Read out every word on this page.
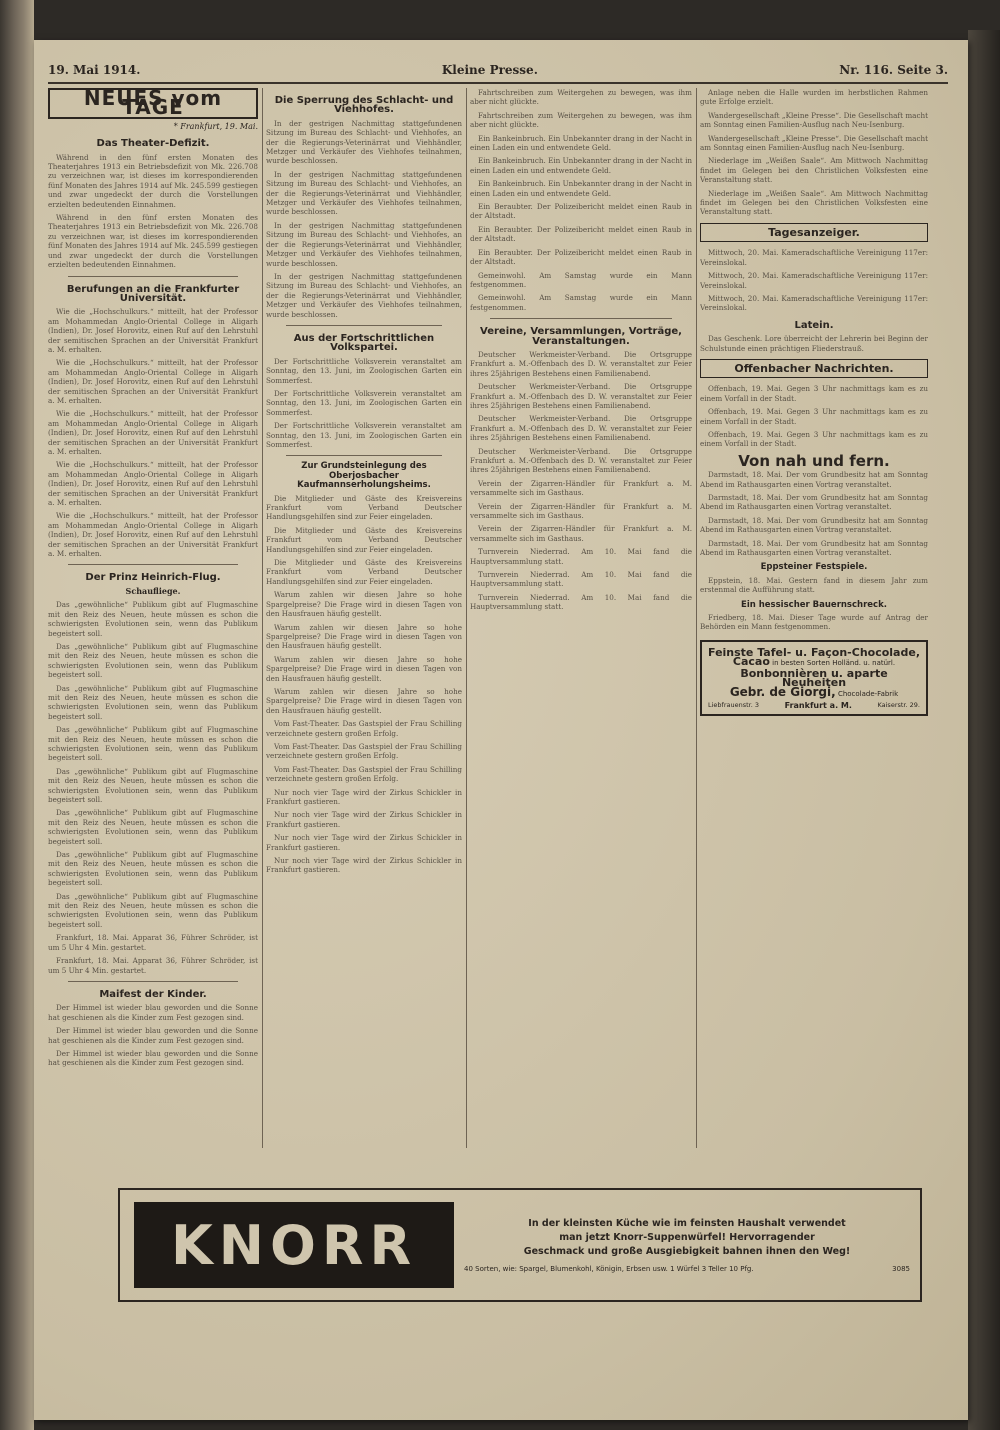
19. Mai 1914.	Kleine Presse.	Nr. 116. Seite 3.
NEUES vom TAGE
* Frankfurt, 19. Mai.
Das Theater-Defizit.

Während in den fünf ersten Monaten des Theaterjahres 1913 ein Betriebsdefizit von Mk. 226.708 zu verzeichnen war, ist dieses im korrespondierenden fünf Monaten des Jahres 1914 auf Mk. 245.599 gestiegen und zwar ungedeckt der durch die Vorstellungen erzielten bedeutenden Einnahmen.

Während in den fünf ersten Monaten des Theaterjahres 1913 ein Betriebsdefizit von Mk. 226.708 zu verzeichnen war, ist dieses im korrespondierenden fünf Monaten des Jahres 1914 auf Mk. 245.599 gestiegen und zwar ungedeckt der durch die Vorstellungen erzielten bedeutenden Einnahmen.

Berufungen an die Frankfurter Universität.

Wie die „Hochschulkurs.“ mitteilt, hat der Professor am Mohammedan Anglo-Oriental College in Aligarh (Indien), Dr. Josef Horovitz, einen Ruf auf den Lehrstuhl der semitischen Sprachen an der Universität Frankfurt a. M. erhalten.

Wie die „Hochschulkurs.“ mitteilt, hat der Professor am Mohammedan Anglo-Oriental College in Aligarh (Indien), Dr. Josef Horovitz, einen Ruf auf den Lehrstuhl der semitischen Sprachen an der Universität Frankfurt a. M. erhalten.

Wie die „Hochschulkurs.“ mitteilt, hat der Professor am Mohammedan Anglo-Oriental College in Aligarh (Indien), Dr. Josef Horovitz, einen Ruf auf den Lehrstuhl der semitischen Sprachen an der Universität Frankfurt a. M. erhalten.

Wie die „Hochschulkurs.“ mitteilt, hat der Professor am Mohammedan Anglo-Oriental College in Aligarh (Indien), Dr. Josef Horovitz, einen Ruf auf den Lehrstuhl der semitischen Sprachen an der Universität Frankfurt a. M. erhalten.

Wie die „Hochschulkurs.“ mitteilt, hat der Professor am Mohammedan Anglo-Oriental College in Aligarh (Indien), Dr. Josef Horovitz, einen Ruf auf den Lehrstuhl der semitischen Sprachen an der Universität Frankfurt a. M. erhalten.

Der Prinz Heinrich-Flug.
Schaufliege.

Das „gewöhnliche“ Publikum gibt auf Flugmaschine mit den Reiz des Neuen, heute müssen es schon die schwierigsten Evolutionen sein, wenn das Publikum begeistert soll.

Das „gewöhnliche“ Publikum gibt auf Flugmaschine mit den Reiz des Neuen, heute müssen es schon die schwierigsten Evolutionen sein, wenn das Publikum begeistert soll.

Das „gewöhnliche“ Publikum gibt auf Flugmaschine mit den Reiz des Neuen, heute müssen es schon die schwierigsten Evolutionen sein, wenn das Publikum begeistert soll.

Das „gewöhnliche“ Publikum gibt auf Flugmaschine mit den Reiz des Neuen, heute müssen es schon die schwierigsten Evolutionen sein, wenn das Publikum begeistert soll.

Das „gewöhnliche“ Publikum gibt auf Flugmaschine mit den Reiz des Neuen, heute müssen es schon die schwierigsten Evolutionen sein, wenn das Publikum begeistert soll.

Das „gewöhnliche“ Publikum gibt auf Flugmaschine mit den Reiz des Neuen, heute müssen es schon die schwierigsten Evolutionen sein, wenn das Publikum begeistert soll.

Das „gewöhnliche“ Publikum gibt auf Flugmaschine mit den Reiz des Neuen, heute müssen es schon die schwierigsten Evolutionen sein, wenn das Publikum begeistert soll.

Das „gewöhnliche“ Publikum gibt auf Flugmaschine mit den Reiz des Neuen, heute müssen es schon die schwierigsten Evolutionen sein, wenn das Publikum begeistert soll.

Frankfurt, 18. Mai. Apparat 36, Führer Schröder, ist um 5 Uhr 4 Min. gestartet.

Frankfurt, 18. Mai. Apparat 36, Führer Schröder, ist um 5 Uhr 4 Min. gestartet.

Maifest der Kinder.

Der Himmel ist wieder blau geworden und die Sonne hat geschienen als die Kinder zum Fest gezogen sind.

Der Himmel ist wieder blau geworden und die Sonne hat geschienen als die Kinder zum Fest gezogen sind.

Der Himmel ist wieder blau geworden und die Sonne hat geschienen als die Kinder zum Fest gezogen sind.

Die Sperrung des Schlacht- und Viehhofes.

In der gestrigen Nachmittag stattgefundenen Sitzung im Bureau des Schlacht- und Viehhofes, an der die Regierungs-Veterinärrat und Viehhändler, Metzger und Verkäufer des Viehhofes teilnahmen, wurde beschlossen.

In der gestrigen Nachmittag stattgefundenen Sitzung im Bureau des Schlacht- und Viehhofes, an der die Regierungs-Veterinärrat und Viehhändler, Metzger und Verkäufer des Viehhofes teilnahmen, wurde beschlossen.

In der gestrigen Nachmittag stattgefundenen Sitzung im Bureau des Schlacht- und Viehhofes, an der die Regierungs-Veterinärrat und Viehhändler, Metzger und Verkäufer des Viehhofes teilnahmen, wurde beschlossen.

In der gestrigen Nachmittag stattgefundenen Sitzung im Bureau des Schlacht- und Viehhofes, an der die Regierungs-Veterinärrat und Viehhändler, Metzger und Verkäufer des Viehhofes teilnahmen, wurde beschlossen.

Aus der Fortschrittlichen Volkspartei.

Der Fortschrittliche Volksverein veranstaltet am Sonntag, den 13. Juni, im Zoologischen Garten ein Sommerfest.

Der Fortschrittliche Volksverein veranstaltet am Sonntag, den 13. Juni, im Zoologischen Garten ein Sommerfest.

Der Fortschrittliche Volksverein veranstaltet am Sonntag, den 13. Juni, im Zoologischen Garten ein Sommerfest.

Zur Grundsteinlegung des Oberjosbacher Kaufmannserholungsheims.

Die Mitglieder und Gäste des Kreisvereins Frankfurt vom Verband Deutscher Handlungsgehilfen sind zur Feier eingeladen.

Die Mitglieder und Gäste des Kreisvereins Frankfurt vom Verband Deutscher Handlungsgehilfen sind zur Feier eingeladen.

Die Mitglieder und Gäste des Kreisvereins Frankfurt vom Verband Deutscher Handlungsgehilfen sind zur Feier eingeladen.

Warum zahlen wir diesen Jahre so hohe Spargelpreise? Die Frage wird in diesen Tagen von den Hausfrauen häufig gestellt.

Warum zahlen wir diesen Jahre so hohe Spargelpreise? Die Frage wird in diesen Tagen von den Hausfrauen häufig gestellt.

Warum zahlen wir diesen Jahre so hohe Spargelpreise? Die Frage wird in diesen Tagen von den Hausfrauen häufig gestellt.

Warum zahlen wir diesen Jahre so hohe Spargelpreise? Die Frage wird in diesen Tagen von den Hausfrauen häufig gestellt.

Vom Fast-Theater. Das Gastspiel der Frau Schilling verzeichnete gestern großen Erfolg.

Vom Fast-Theater. Das Gastspiel der Frau Schilling verzeichnete gestern großen Erfolg.

Vom Fast-Theater. Das Gastspiel der Frau Schilling verzeichnete gestern großen Erfolg.

Nur noch vier Tage wird der Zirkus Schickler in Frankfurt gastieren.

Nur noch vier Tage wird der Zirkus Schickler in Frankfurt gastieren.

Nur noch vier Tage wird der Zirkus Schickler in Frankfurt gastieren.

Nur noch vier Tage wird der Zirkus Schickler in Frankfurt gastieren.

Fahrtschreiben zum Weitergehen zu bewegen, was ihm aber nicht glückte.

Fahrtschreiben zum Weitergehen zu bewegen, was ihm aber nicht glückte.

Ein Bankeinbruch. Ein Unbekannter drang in der Nacht in einen Laden ein und entwendete Geld.

Ein Bankeinbruch. Ein Unbekannter drang in der Nacht in einen Laden ein und entwendete Geld.

Ein Bankeinbruch. Ein Unbekannter drang in der Nacht in einen Laden ein und entwendete Geld.

Ein Beraubter. Der Polizeibericht meldet einen Raub in der Altstadt.

Ein Beraubter. Der Polizeibericht meldet einen Raub in der Altstadt.

Ein Beraubter. Der Polizeibericht meldet einen Raub in der Altstadt.

Gemeinwohl. Am Samstag wurde ein Mann festgenommen.

Gemeinwohl. Am Samstag wurde ein Mann festgenommen.

Vereine, Versammlungen, Vorträge, Veranstaltungen.

Deutscher Werkmeister-Verband. Die Ortsgruppe Frankfurt a. M.-Offenbach des D. W. veranstaltet zur Feier ihres 25jährigen Bestehens einen Familienabend.

Deutscher Werkmeister-Verband. Die Ortsgruppe Frankfurt a. M.-Offenbach des D. W. veranstaltet zur Feier ihres 25jährigen Bestehens einen Familienabend.

Deutscher Werkmeister-Verband. Die Ortsgruppe Frankfurt a. M.-Offenbach des D. W. veranstaltet zur Feier ihres 25jährigen Bestehens einen Familienabend.

Deutscher Werkmeister-Verband. Die Ortsgruppe Frankfurt a. M.-Offenbach des D. W. veranstaltet zur Feier ihres 25jährigen Bestehens einen Familienabend.

Verein der Zigarren-Händler für Frankfurt a. M. versammelte sich im Gasthaus.

Verein der Zigarren-Händler für Frankfurt a. M. versammelte sich im Gasthaus.

Verein der Zigarren-Händler für Frankfurt a. M. versammelte sich im Gasthaus.

Turnverein Niederrad. Am 10. Mai fand die Hauptversammlung statt.

Turnverein Niederrad. Am 10. Mai fand die Hauptversammlung statt.

Turnverein Niederrad. Am 10. Mai fand die Hauptversammlung statt.

Anlage neben die Halle wurden im herbstlichen Rahmen gute Erfolge erzielt.

Wandergesellschaft „Kleine Presse“. Die Gesellschaft macht am Sonntag einen Familien-Ausflug nach Neu-Isenburg.

Wandergesellschaft „Kleine Presse“. Die Gesellschaft macht am Sonntag einen Familien-Ausflug nach Neu-Isenburg.

Niederlage im „Weißen Saale“. Am Mittwoch Nachmittag findet im Gelegen bei den Christlichen Volksfesten eine Veranstaltung statt.

Niederlage im „Weißen Saale“. Am Mittwoch Nachmittag findet im Gelegen bei den Christlichen Volksfesten eine Veranstaltung statt.

Tagesanzeiger.

Mittwoch, 20. Mai. Kameradschaftliche Vereinigung 117er: Vereinslokal.

Mittwoch, 20. Mai. Kameradschaftliche Vereinigung 117er: Vereinslokal.

Mittwoch, 20. Mai. Kameradschaftliche Vereinigung 117er: Vereinslokal.

Latein.

Das Geschenk. Lore überreicht der Lehrerin bei Beginn der Schulstunde einen prächtigen Fliederstrauß.

Offenbacher Nachrichten.

Offenbach, 19. Mai. Gegen 3 Uhr nachmittags kam es zu einem Vorfall in der Stadt.

Offenbach, 19. Mai. Gegen 3 Uhr nachmittags kam es zu einem Vorfall in der Stadt.

Offenbach, 19. Mai. Gegen 3 Uhr nachmittags kam es zu einem Vorfall in der Stadt.

Von nah und fern.

Darmstadt, 18. Mai. Der vom Grundbesitz hat am Sonntag Abend im Rathausgarten einen Vortrag veranstaltet.

Darmstadt, 18. Mai. Der vom Grundbesitz hat am Sonntag Abend im Rathausgarten einen Vortrag veranstaltet.

Darmstadt, 18. Mai. Der vom Grundbesitz hat am Sonntag Abend im Rathausgarten einen Vortrag veranstaltet.

Darmstadt, 18. Mai. Der vom Grundbesitz hat am Sonntag Abend im Rathausgarten einen Vortrag veranstaltet.

Eppsteiner Festspiele.

Eppstein, 18. Mai. Gestern fand in diesem Jahr zum erstenmal die Aufführung statt.

Ein hessischer Bauernschreck.

Friedberg, 18. Mai. Dieser Tage wurde auf Antrag der Behörden ein Mann festgenommen.

Feinste Tafel- u. Façon-Chocolade,
Cacao in besten Sorten Holländ. u. natürl.
Bonbonnièren u. aparte Neuheiten
Gebr. de Giorgi, Chocolade-Fabrik
Liebfrauenstr. 3	Frankfurt a. M.	Kaiserstr. 29.
KNORR	In der kleinsten Küche wie im feinsten Haushalt verwendet
man jetzt Knorr-Suppenwürfel! Hervorragender
Geschmack und große Ausgiebigkeit bahnen ihnen den Weg!
40 Sorten, wie: Spargel, Blumenkohl, Königin, Erbsen usw. 1 Würfel 3 Teller 10 Pfg.	3085
